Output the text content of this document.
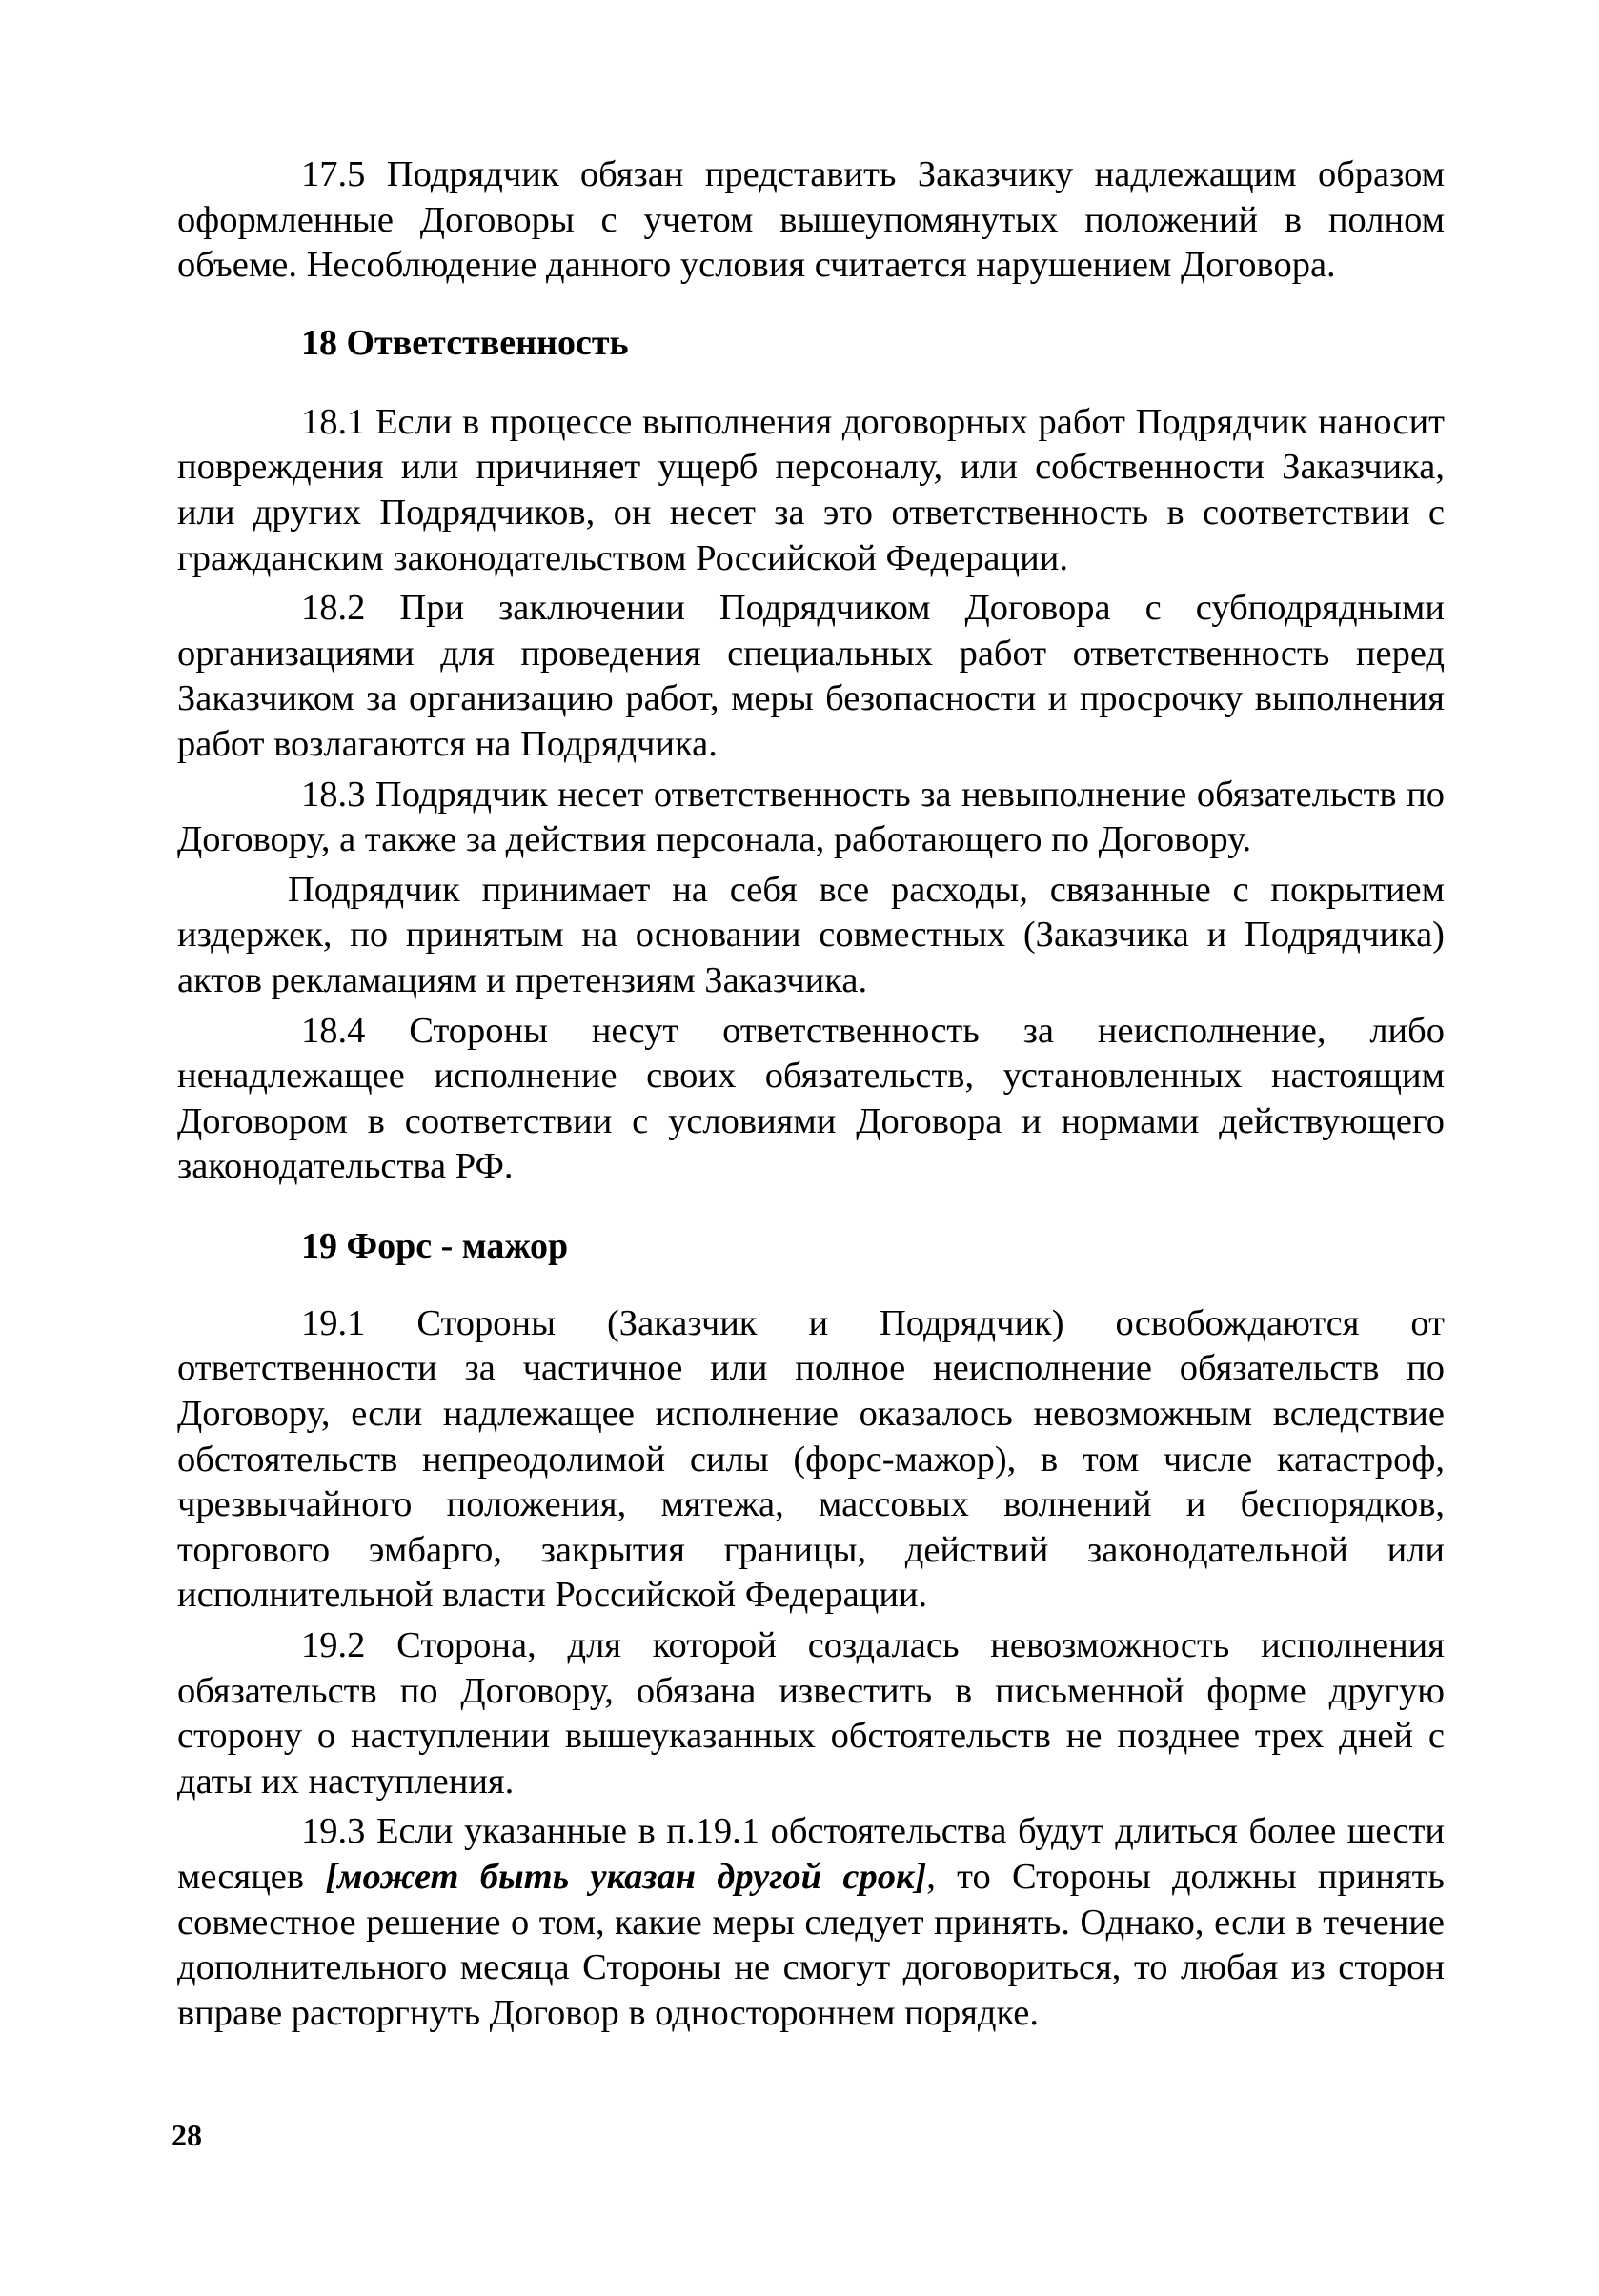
17.5 Подрядчик обязан представить Заказчику надлежащим образом оформленные Договоры с учетом вышеупомянутых положений в полном объеме. Несоблюдение данного условия считается нарушением Договора.

18 Ответственность

18.1 Если в процессе выполнения договорных работ Подрядчик наносит повреждения или причиняет ущерб персоналу, или собственности Заказчика, или других Подрядчиков, он несет за это ответственность в соответствии с гражданским законодательством Российской Федерации.

18.2 При заключении Подрядчиком Договора с субподрядными организациями для проведения специальных работ ответственность перед Заказчиком за организацию работ, меры безопасности и просрочку выполнения работ возлагаются на Подрядчика.

18.3 Подрядчик несет ответственность за невыполнение обязательств по Договору, а также за действия персонала, работающего по Договору.

Подрядчик принимает на себя все расходы, связанные с покрытием издержек, по принятым на основании совместных (Заказчика и Подрядчика) актов рекламациям и претензиям Заказчика.

18.4 Стороны несут ответственность за неисполнение, либо ненадлежащее исполнение своих обязательств, установленных настоящим Договором в соответствии с условиями Договора и нормами действующего законодательства РФ.

19 Форс - мажор

19.1 Стороны (Заказчик и Подрядчик) освобождаются от ответственности за частичное или полное неисполнение обязательств по Договору, если надлежащее исполнение оказалось невозможным вследствие обстоятельств непреодолимой силы (форс-мажор), в том числе катастроф, чрезвычайного положения, мятежа, массовых волнений и беспорядков, торгового эмбарго, закрытия границы, действий законодательной или исполнительной власти Российской Федерации.

19.2 Сторона, для которой создалась невозможность исполнения обязательств по Договору, обязана известить в письменной форме другую сторону о наступлении вышеуказанных обстоятельств не позднее трех дней с даты их наступления.

19.3 Если указанные в п.19.1 обстоятельства будут длиться более шести месяцев [может быть указан другой срок], то Стороны должны принять совместное решение о том, какие меры следует принять. Однако, если в течение дополнительного месяца Стороны не смогут договориться, то любая из сторон вправе расторгнуть Договор в одностороннем порядке.

28
